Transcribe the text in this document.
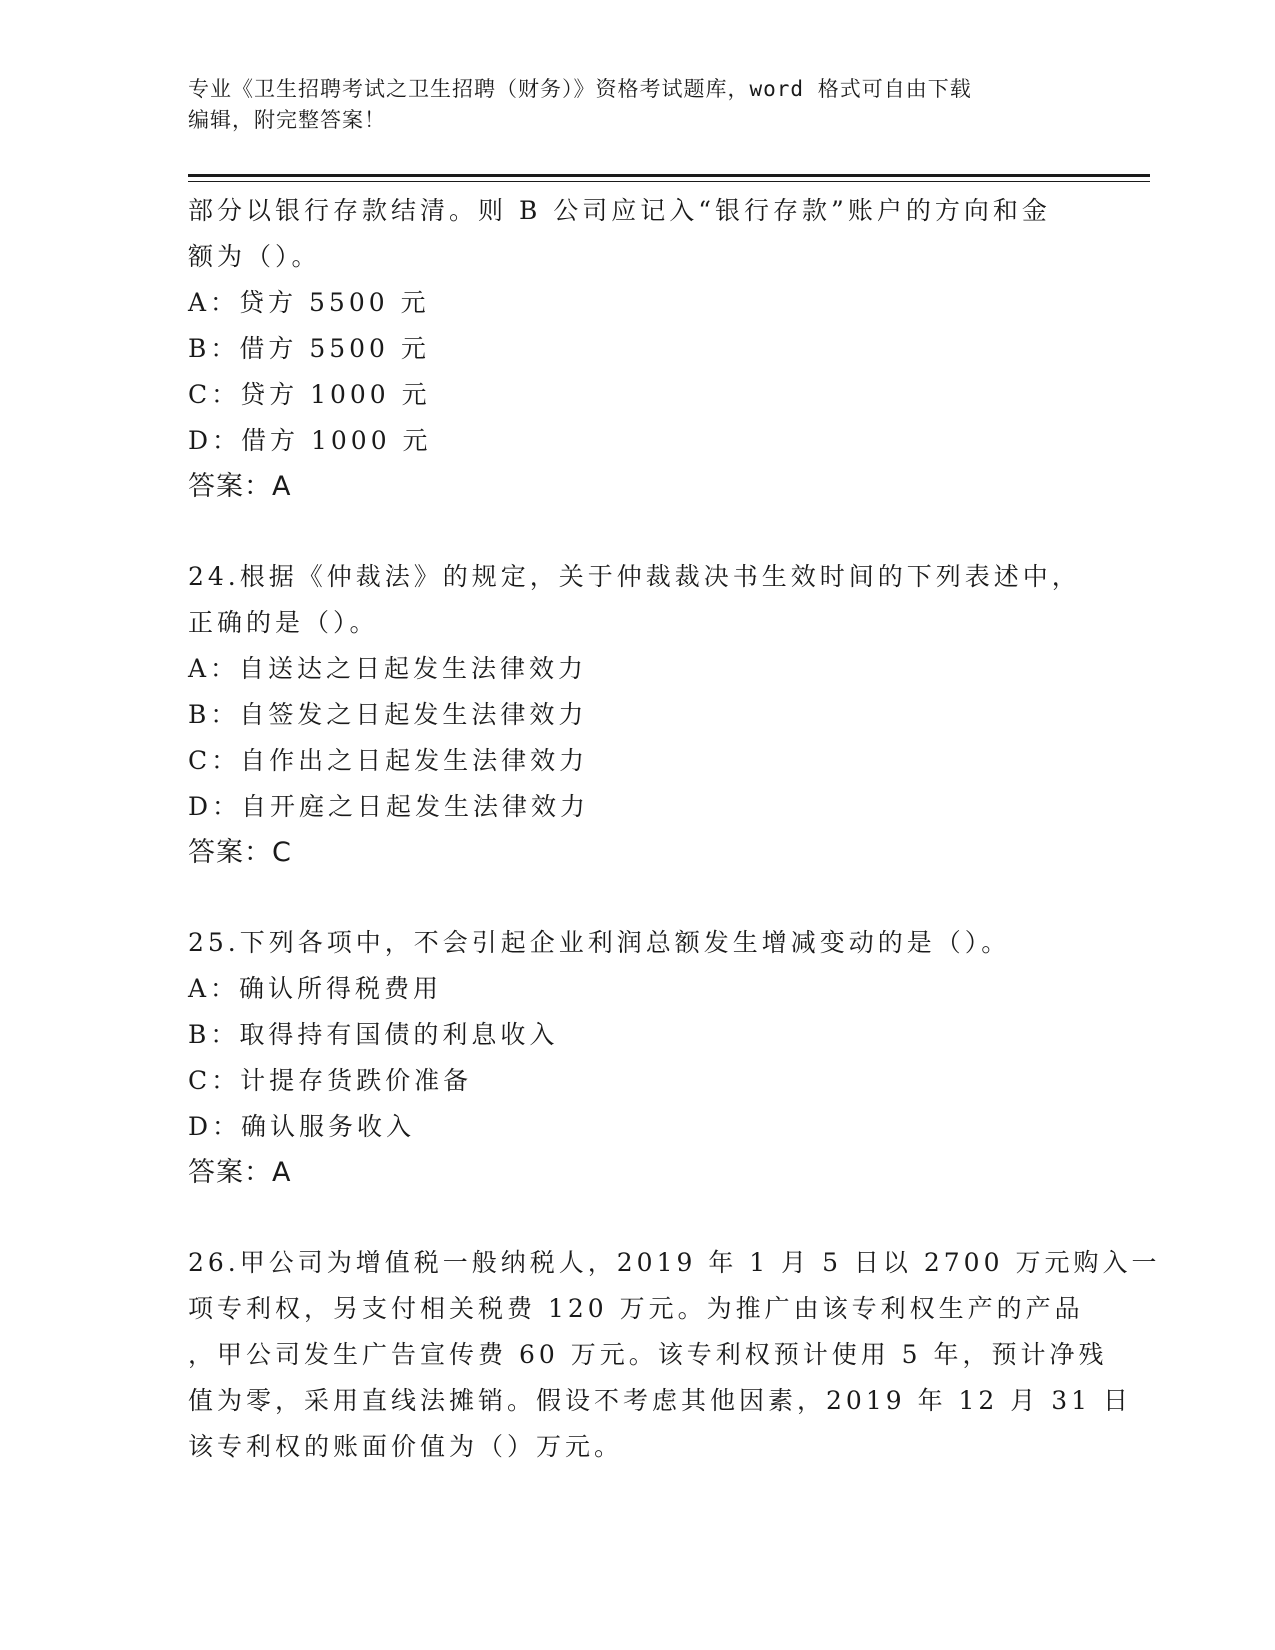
专业《卫生招聘考试之卫生招聘（财务）》资格考试题库，word 格式可自由下载
编辑，附完整答案！
部分以银行存款结清。则 B 公司应记入“银行存款”账户的方向和金
额为（）。
A：贷方 5500 元
B：借方 5500 元
C：贷方 1000 元
D：借方 1000 元
答案：A
24.根据《仲裁法》的规定，关于仲裁裁决书生效时间的下列表述中，
正确的是（）。
A：自送达之日起发生法律效力
B：自签发之日起发生法律效力
C：自作出之日起发生法律效力
D：自开庭之日起发生法律效力
答案：C
25.下列各项中，不会引起企业利润总额发生增减变动的是（）。
A：确认所得税费用
B：取得持有国债的利息收入
C：计提存货跌价准备
D：确认服务收入
答案：A
26.甲公司为增值税一般纳税人，2019 年 1 月 5 日以 2700 万元购入一
项专利权，另支付相关税费 120 万元。为推广由该专利权生产的产品
，甲公司发生广告宣传费 60 万元。该专利权预计使用 5 年，预计净残
值为零，采用直线法摊销。假设不考虑其他因素，2019 年 12 月 31 日
该专利权的账面价值为（）万元。
